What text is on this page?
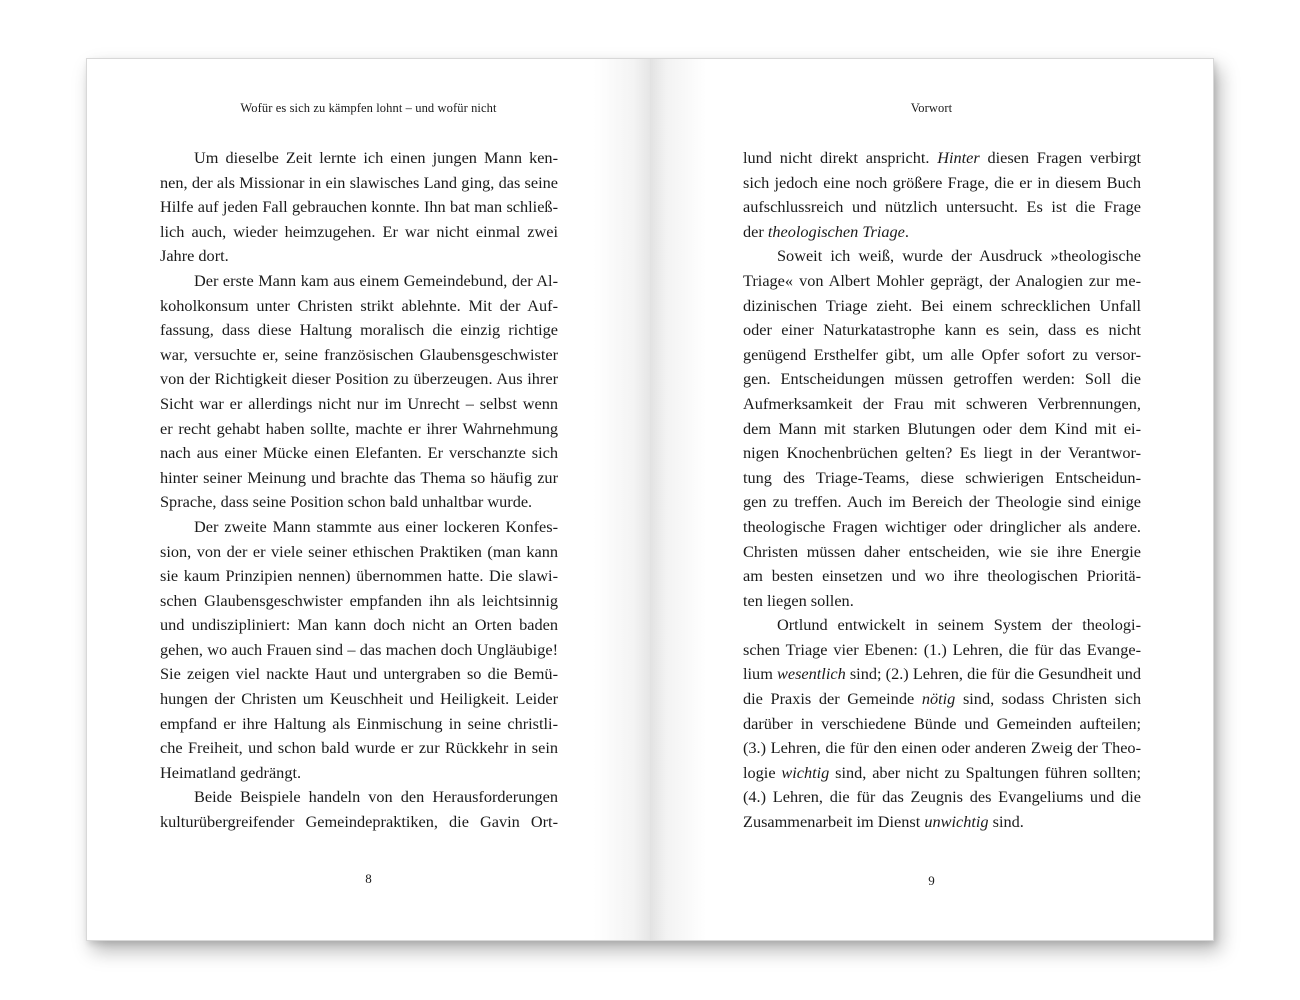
Wofür es sich zu kämpfen lohnt – und wofür nicht

Um dieselbe Zeit lernte ich einen jungen Mann ken-
nen, der als Missionar in ein slawisches Land ging, das seine
Hilfe auf jeden Fall gebrauchen konnte. Ihn bat man schließ-
lich auch, wieder heimzugehen. Er war nicht einmal zwei
Jahre dort.

Der erste Mann kam aus einem Gemeindebund, der Al-
koholkonsum unter Christen strikt ablehnte. Mit der Auf-
fassung, dass diese Haltung moralisch die einzig richtige
war, versuchte er, seine französischen Glaubensgeschwister
von der Richtigkeit dieser Position zu überzeugen. Aus ihrer
Sicht war er allerdings nicht nur im Unrecht – selbst wenn
er recht gehabt haben sollte, machte er ihrer Wahrnehmung
nach aus einer Mücke einen Elefanten. Er verschanzte sich
hinter seiner Meinung und brachte das Thema so häufig zur
Sprache, dass seine Position schon bald unhaltbar wurde.

Der zweite Mann stammte aus einer lockeren Konfes-
sion, von der er viele seiner ethischen Praktiken (man kann
sie kaum Prinzipien nennen) übernommen hatte. Die slawi-
schen Glaubensgeschwister empfanden ihn als leichtsinnig
und undiszipliniert: Man kann doch nicht an Orten baden
gehen, wo auch Frauen sind – das machen doch Ungläubige!
Sie zeigen viel nackte Haut und untergraben so die Bemü-
hungen der Christen um Keuschheit und Heiligkeit. Leider
empfand er ihre Haltung als Einmischung in seine christli-
che Freiheit, und schon bald wurde er zur Rückkehr in sein
Heimatland gedrängt.

Beide Beispiele handeln von den Herausforderungen
kulturübergreifender Gemeindepraktiken, die Gavin Ort-

8
Vorwort

lund nicht direkt anspricht. Hinter diesen Fragen verbirgt
sich jedoch eine noch größere Frage, die er in diesem Buch
aufschlussreich und nützlich untersucht. Es ist die Frage
der theologischen Triage.

Soweit ich weiß, wurde der Ausdruck »theologische
Triage« von Albert Mohler geprägt, der Analogien zur me-
dizinischen Triage zieht. Bei einem schrecklichen Unfall
oder einer Naturkatastrophe kann es sein, dass es nicht
genügend Ersthelfer gibt, um alle Opfer sofort zu versor-
gen. Entscheidungen müssen getroffen werden: Soll die
Aufmerksamkeit der Frau mit schweren Verbrennungen,
dem Mann mit starken Blutungen oder dem Kind mit ei-
nigen Knochenbrüchen gelten? Es liegt in der Verantwor-
tung des Triage-Teams, diese schwierigen Entscheidun-
gen zu treffen. Auch im Bereich der Theologie sind einige
theologische Fragen wichtiger oder dringlicher als andere.
Christen müssen daher entscheiden, wie sie ihre Energie
am besten einsetzen und wo ihre theologischen Prioritä-
ten liegen sollen.

Ortlund entwickelt in seinem System der theologi-
schen Triage vier Ebenen: (1.) Lehren, die für das Evange-
lium wesentlich sind; (2.) Lehren, die für die Gesundheit und
die Praxis der Gemeinde nötig sind, sodass Christen sich
darüber in verschiedene Bünde und Gemeinden aufteilen;
(3.) Lehren, die für den einen oder anderen Zweig der Theo-
logie wichtig sind, aber nicht zu Spaltungen führen sollten;
(4.) Lehren, die für das Zeugnis des Evangeliums und die
Zusammenarbeit im Dienst unwichtig sind.

9
